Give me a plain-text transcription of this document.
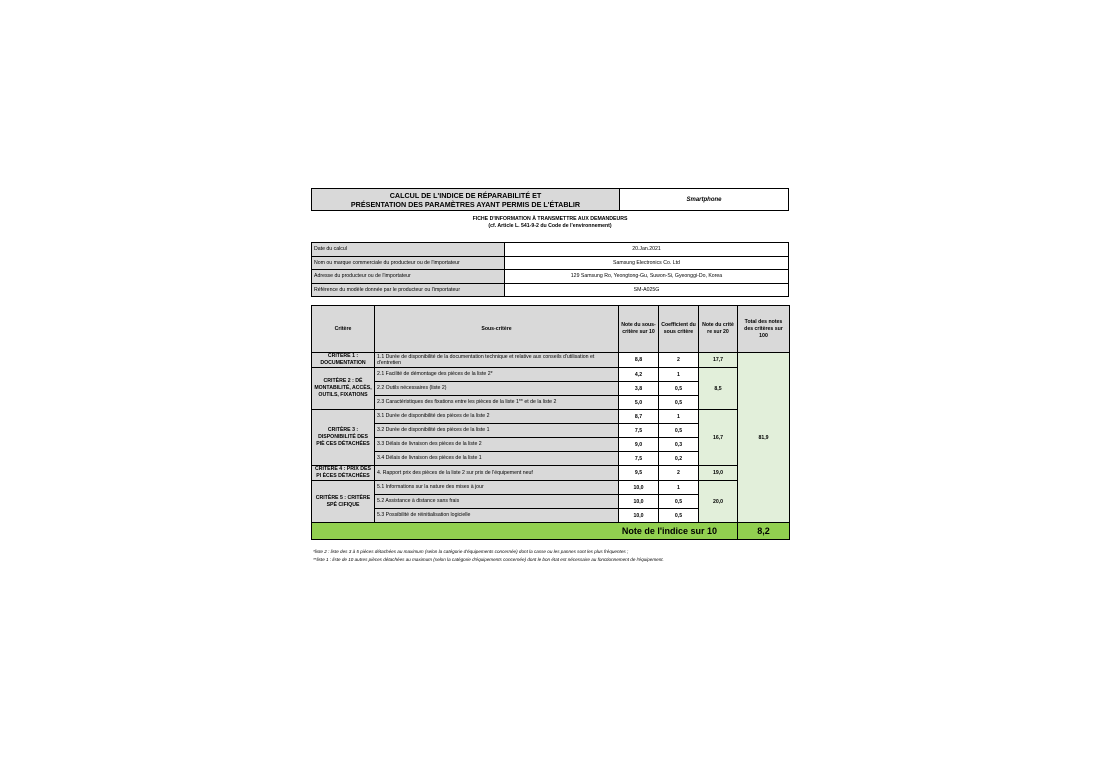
CALCUL DE L'INDICE DE RÉPARABILITÉ ET
PRÉSENTATION DES PARAMÈTRES AYANT PERMIS DE L'ÉTABLIR	Smartphone
FICHE D'INFORMATION À TRANSMETTRE AUX DEMANDEURS
(cf. Article L. 541-9-2 du Code de l'environnement)
Date du calcul	20.Jan.2021
Nom ou marque commerciale du producteur ou de l'importateur	Samsung Electronics Co. Ltd
Adresse du producteur ou de l'importateur	129 Samsung Ro, Yeongtong-Gu, Suwon-Si, Gyeonggi-Do, Korea
Référence du modèle donnée par le producteur ou l'importateur	SM-A025G
Critère	Sous-critère	Note du sous-critère sur 10	Coefficient du sous critère	Note du critè re sur 20	Total des notes des critères sur 100
CRITÈRE 1 : DOCUMENTATION	1.1 Durée de disponibilité de la documentation technique et relative aux conseils d'utilisation et d'entretien	8,8	2	17,7	81,9
CRITÈRE 2 : DÉ MONTABILITÉ, ACCÈS, OUTILS, FIXATIONS	2.1 Facilité de démontage des pièces de la liste 2*	4,2	1	8,5	
	2.2 Outils nécessaires (liste 2)	3,8	0,5		
	2.3 Caractéristiques des fixations entre les pièces de la liste 1** et de la liste 2	5,0	0,5		
CRITÈRE 3 : DISPONIBILITÉ DES PIÈ CES DÉTACHÉES	3.1 Durée de disponibilité des pièces de la liste 2	8,7	1	16,7	
	3.2 Durée de disponibilité des pièces de la liste 1	7,5	0,5		
	3.3 Délais de livraison des pièces de la liste 2	9,0	0,3		
	3.4 Délais de livraison des pièces de la liste 1	7,5	0,2		
CRITÈRE 4 : PRIX DES PI ÈCES DÉTACHÉES	4. Rapport prix des pièces de la liste 2 sur prix de l'équipement neuf	9,5	2	19,0	
CRITÈRE 5 : CRITÈRE SPÉ CIFIQUE	5.1 Informations sur la nature des mises à jour	10,0	1	20,0	
	5.2 Assistance à distance sans frais	10,0	0,5		
	5.3 Possibilité de réinitialisation logicielle	10,0	0,5		
Note de l'indice sur 10					8,2
*liste 2 : liste des 3 à 5 pièces détachées au maximum (selon la catégorie d'équipements concernée) dont la casse ou les pannes sont les plus fréquentes ;
**liste 1 : liste de 10 autres pièces détachées au maximum (selon la catégorie d'équipements concernée) dont le bon état est nécessaire au fonctionnement de l'équipement.
